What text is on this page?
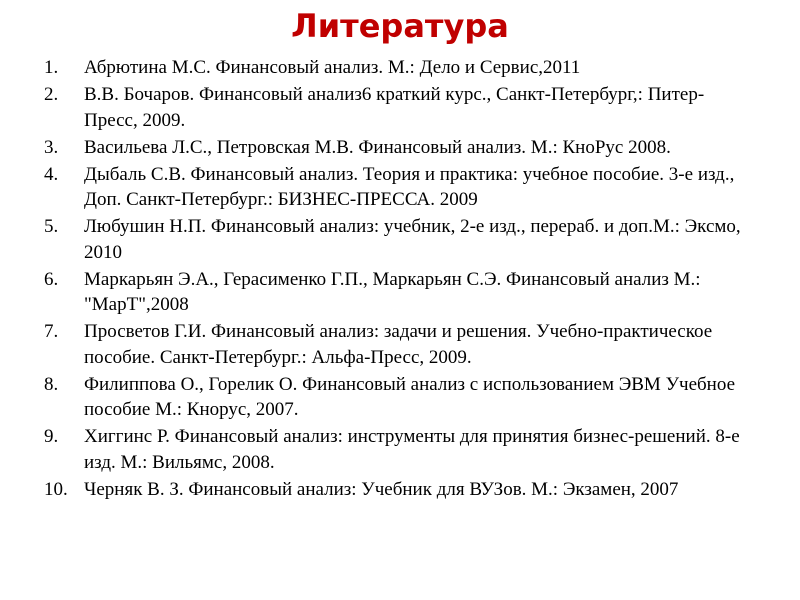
Литература
1.	Абрютина М.С. Финансовый анализ. М.: Дело и Сервис,2011
2.	В.В. Бочаров. Финансовый анализ6 краткий курс., Санкт-Петербург,: Питер-Пресс, 2009.
3.	Васильева Л.С., Петровская М.В. Финансовый анализ. М.: КноРус 2008.
4.	Дыбаль С.В. Финансовый анализ. Теория и практика: учебное пособие. 3-е изд., Доп. Санкт-Петербург.: БИЗНЕС-ПРЕССА. 2009
5.	Любушин Н.П. Финансовый анализ: учебник, 2-е изд., перераб. и доп.М.: Эксмо, 2010
6.	Маркарьян Э.А., Герасименко Г.П., Маркарьян С.Э. Финансовый анализ М.: "МарТ",2008
7.	Просветов Г.И. Финансовый анализ: задачи и решения. Учебно-практическое пособие. Санкт-Петербург.: Альфа-Пресс, 2009.
8.	Филиппова О., Горелик О. Финансовый анализ с использованием ЭВМ Учебное пособие М.: Кнорус, 2007.
9.	Хиггинс Р. Финансовый анализ: инструменты для принятия бизнес-решений. 8-е изд. М.: Вильямс, 2008.
10. Черняк В. З. Финансовый анализ: Учебник для ВУЗов. М.: Экзамен, 2007
